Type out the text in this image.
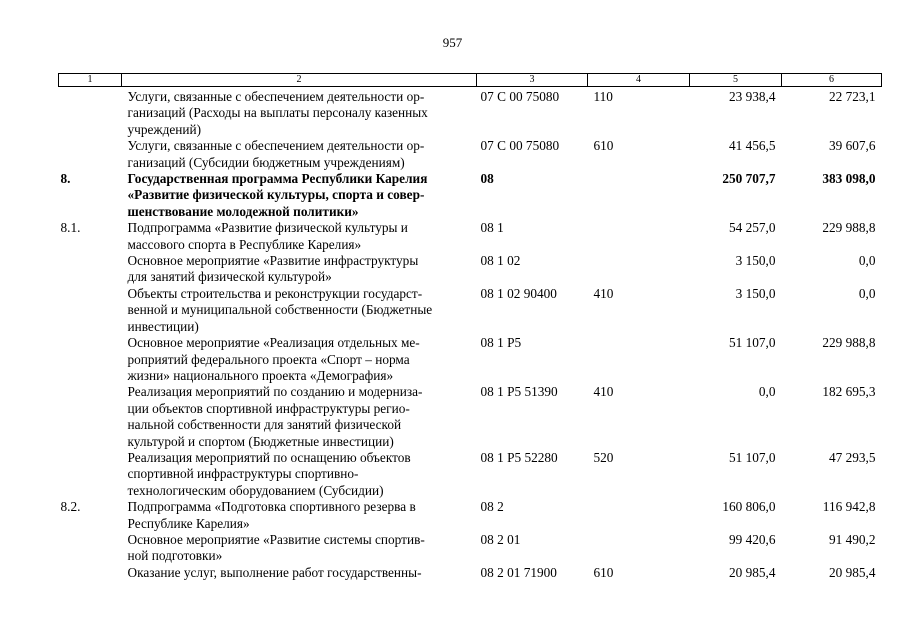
957
1	2	3	4	5	6
	Услуги, связанные с обеспечением деятельности ор-
ганизаций (Расходы на выплаты персоналу казенных
учреждений)	07 С 00 75080	110	23 938,4	22 723,1
	Услуги, связанные с обеспечением деятельности ор-
ганизаций (Субсидии бюджетным учреждениям)	07 С 00 75080	610	41 456,5	39 607,6
8.	Государственная программа Республики Карелия
«Развитие физической культуры, спорта и совер-
шенствование молодежной политики»	08		250 707,7	383 098,0
8.1.	Подпрограмма «Развитие физической культуры и
массового спорта в Республике Карелия»	08 1		54 257,0	229 988,8
	Основное мероприятие «Развитие инфраструктуры
для занятий физической культурой»	08 1 02		3 150,0	0,0
	Объекты строительства и реконструкции государст-
венной и муниципальной собственности (Бюджетные
инвестиции)	08 1 02 90400	410	3 150,0	0,0
	Основное мероприятие «Реализация отдельных ме-
роприятий федерального проекта «Спорт – норма
жизни» национального проекта «Демография»	08 1 Р5		51 107,0	229 988,8
	Реализация мероприятий по созданию и модерниза-
ции объектов спортивной инфраструктуры регио-
нальной собственности для занятий физической
культурой и спортом (Бюджетные инвестиции)	08 1 Р5 51390	410	0,0	182 695,3
	Реализация мероприятий по оснащению объектов
спортивной инфраструктуры спортивно-
технологическим оборудованием (Субсидии)	08 1 Р5 52280	520	51 107,0	47 293,5
8.2.	Подпрограмма «Подготовка спортивного резерва в
Республике Карелия»	08 2		160 806,0	116 942,8
	Основное мероприятие «Развитие системы спортив-
ной подготовки»	08 2 01		99 420,6	91 490,2
	Оказание услуг, выполнение работ государственны-	08 2 01 71900	610	20 985,4	20 985,4
